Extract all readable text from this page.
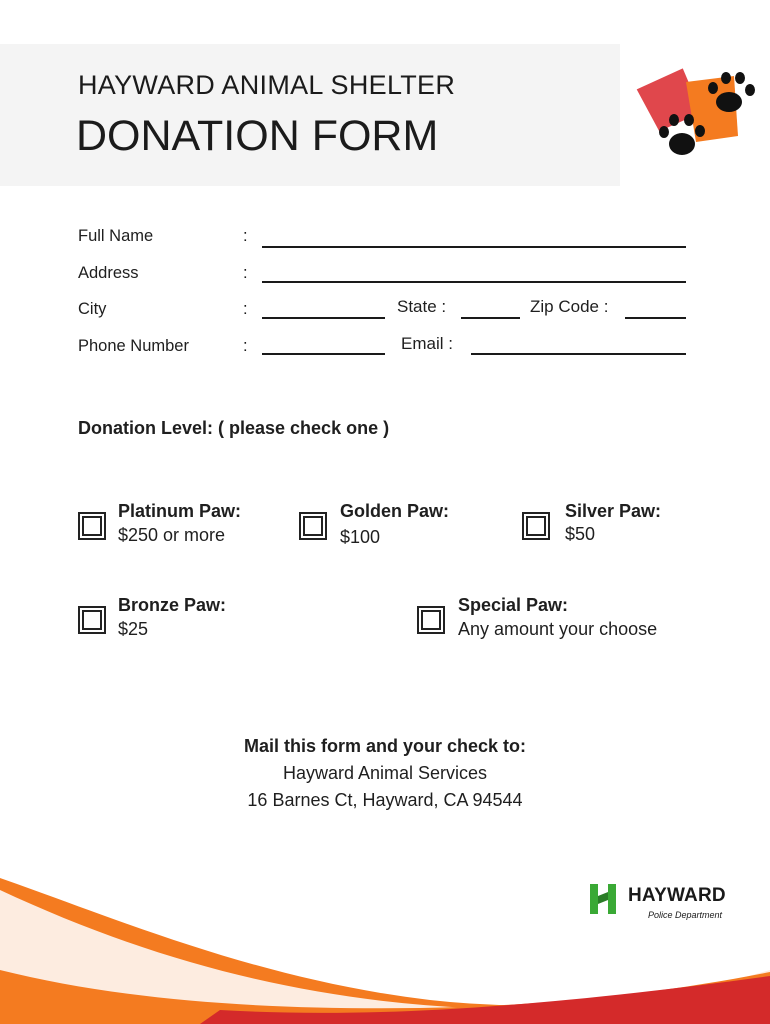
HAYWARD ANIMAL SHELTER
DONATION FORM
Full Name	:
Address	:
City	:	State :	Zip Code :
Phone Number	:	Email :
Donation Level: ( please check one )
Platinum Paw:
$250 or more
Golden Paw:
$100
Silver Paw:
$50
Bronze Paw:
$25
Special Paw:
Any amount your choose
Mail this form and your check to:
Hayward Animal Services
16 Barnes Ct, Hayward, CA 94544
HAYWARD
Police Department
